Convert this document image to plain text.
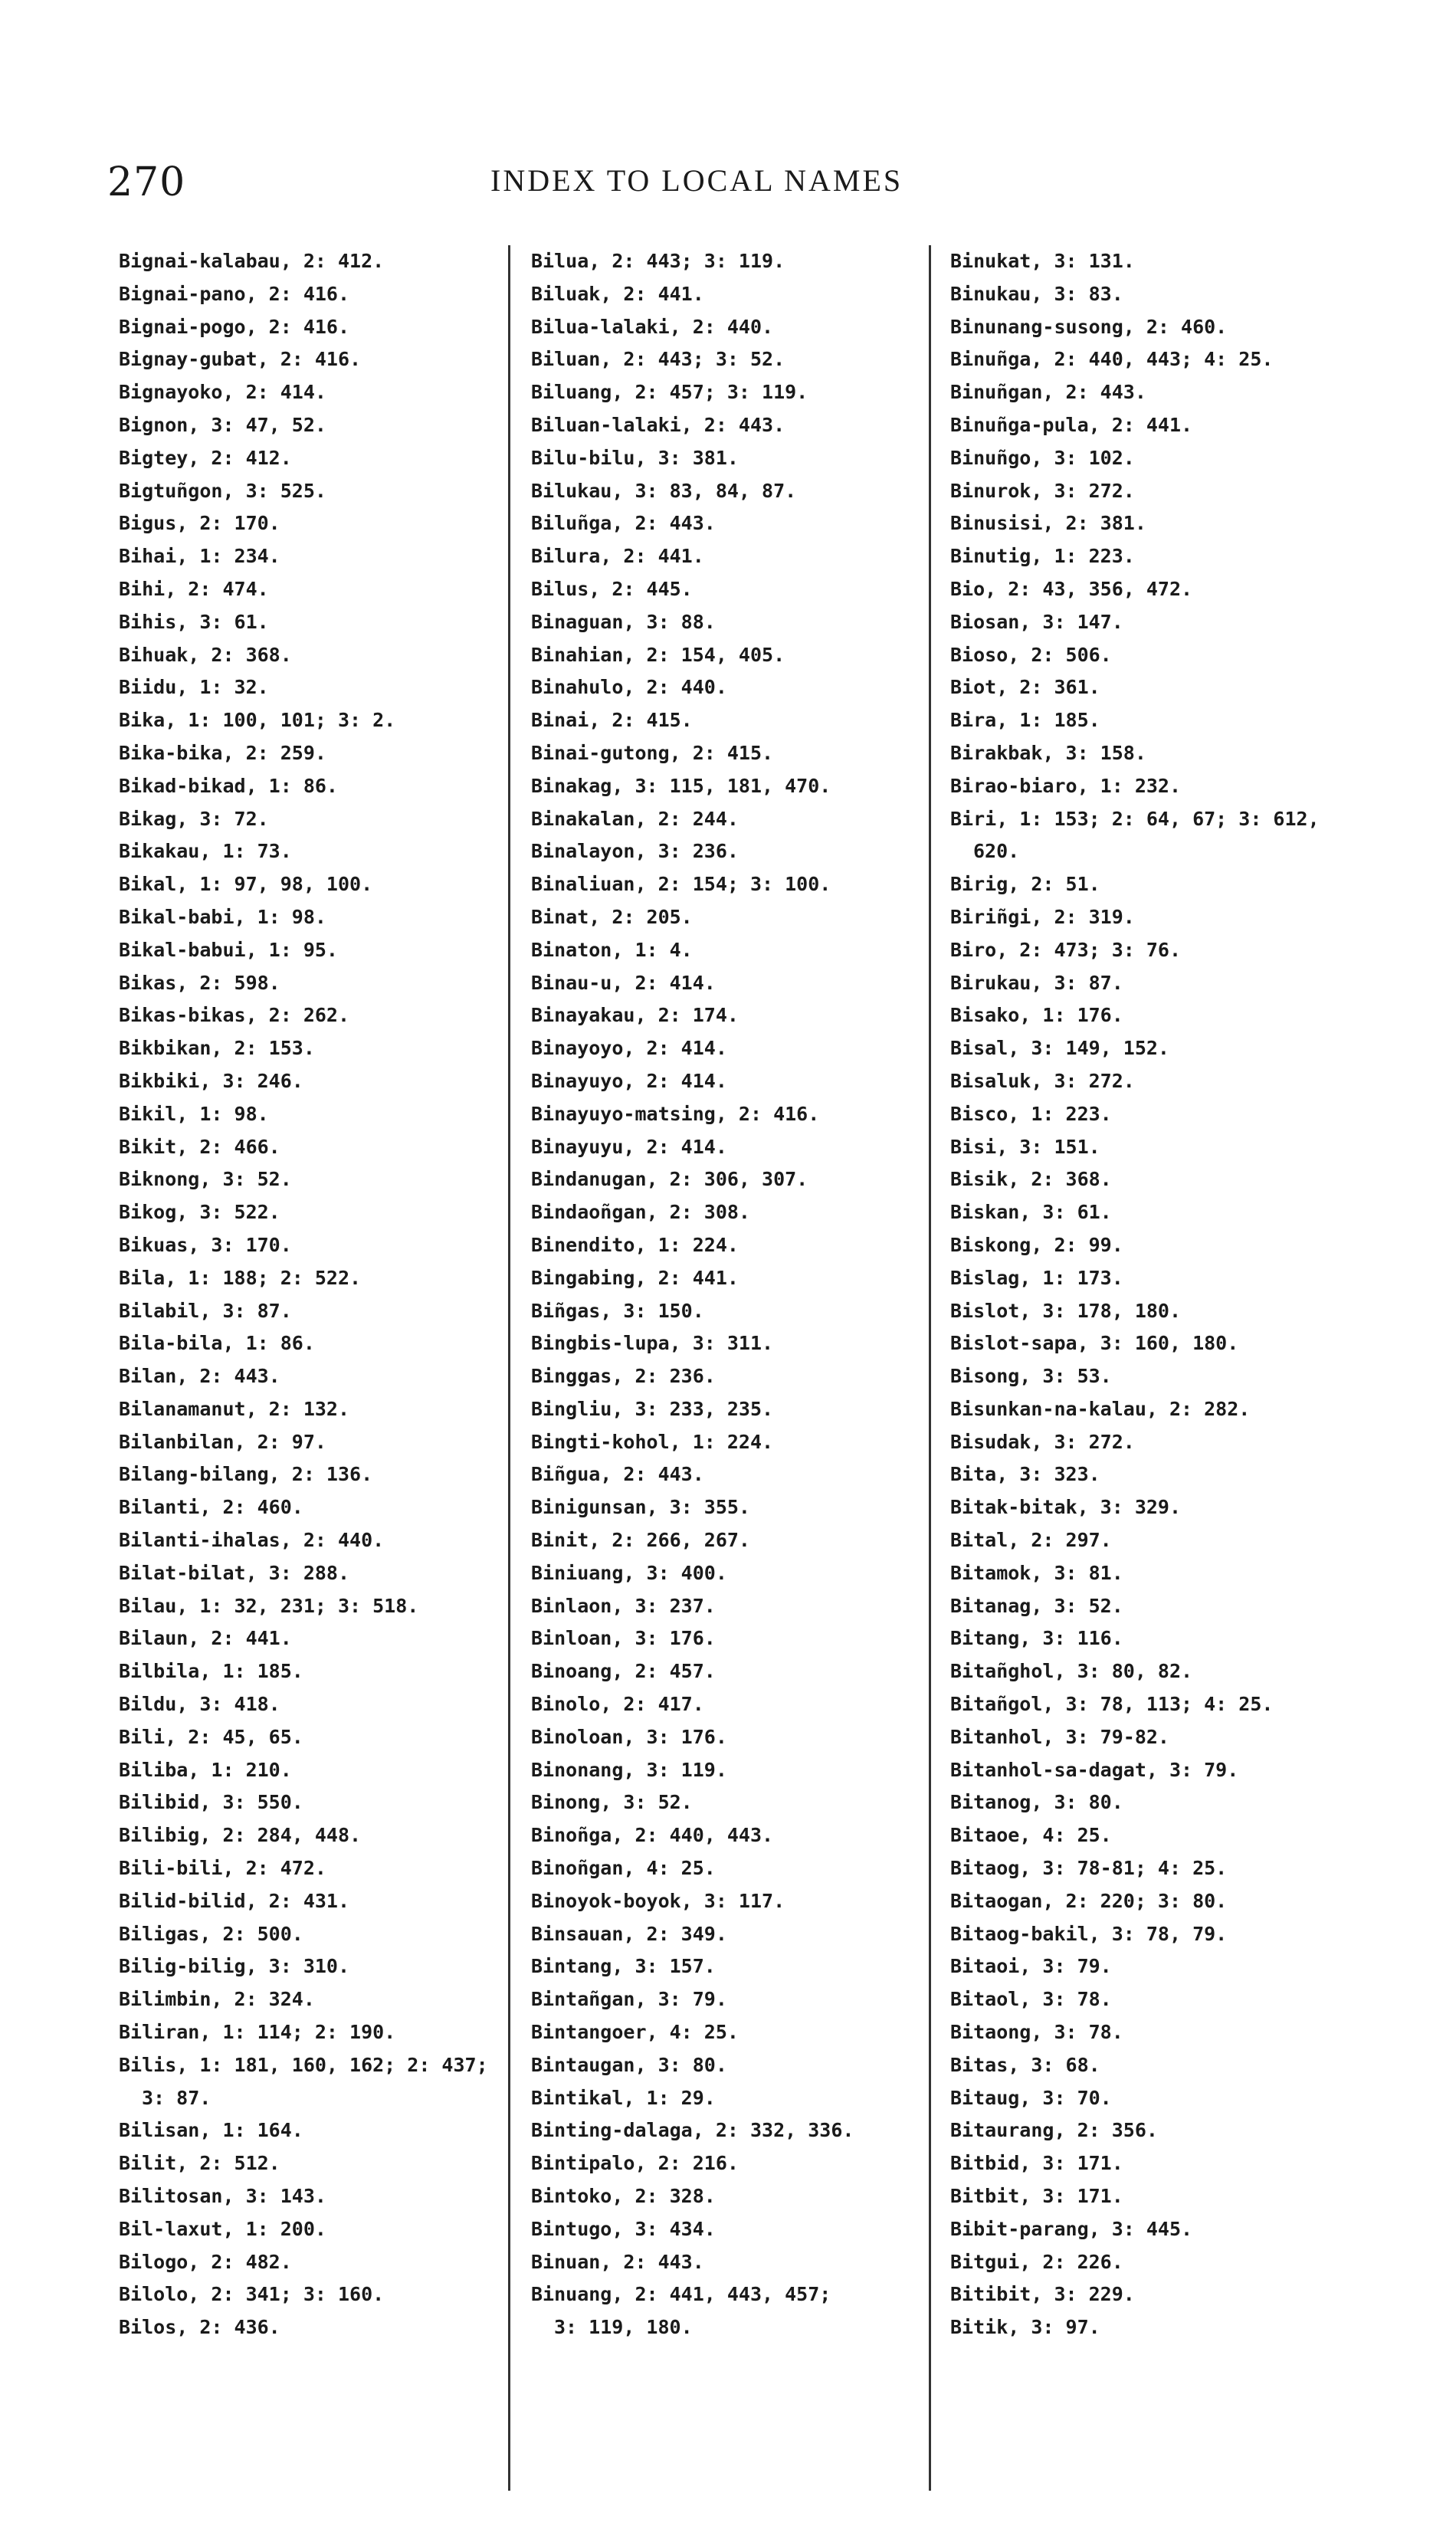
270	INDEX TO LOCAL NAMES
Bignai-kalabau, 2: 412.
Bignai-pano, 2: 416.
Bignai-pogo, 2: 416.
Bignay-gubat, 2: 416.
Bignayoko, 2: 414.
Bignon, 3: 47, 52.
Bigtey, 2: 412.
Bigtuñgon, 3: 525.
Bigus, 2: 170.
Bihai, 1: 234.
Bihi, 2: 474.
Bihis, 3: 61.
Bihuak, 2: 368.
Biidu, 1: 32.
Bika, 1: 100, 101; 3: 2.
Bika-bika, 2: 259.
Bikad-bikad, 1: 86.
Bikag, 3: 72.
Bikakau, 1: 73.
Bikal, 1: 97, 98, 100.
Bikal-babi, 1: 98.
Bikal-babui, 1: 95.
Bikas, 2: 598.
Bikas-bikas, 2: 262.
Bikbikan, 2: 153.
Bikbiki, 3: 246.
Bikil, 1: 98.
Bikit, 2: 466.
Biknong, 3: 52.
Bikog, 3: 522.
Bikuas, 3: 170.
Bila, 1: 188; 2: 522.
Bilabil, 3: 87.
Bila-bila, 1: 86.
Bilan, 2: 443.
Bilanamanut, 2: 132.
Bilanbilan, 2: 97.
Bilang-bilang, 2: 136.
Bilanti, 2: 460.
Bilanti-ihalas, 2: 440.
Bilat-bilat, 3: 288.
Bilau, 1: 32, 231; 3: 518.
Bilaun, 2: 441.
Bilbila, 1: 185.
Bildu, 3: 418.
Bili, 2: 45, 65.
Biliba, 1: 210.
Bilibid, 3: 550.
Bilibig, 2: 284, 448.
Bili-bili, 2: 472.
Bilid-bilid, 2: 431.
Biligas, 2: 500.
Bilig-bilig, 3: 310.
Bilimbin, 2: 324.
Biliran, 1: 114; 2: 190.
Bilis, 1: 181, 160, 162; 2: 437;
3: 87.
Bilisan, 1: 164.
Bilit, 2: 512.
Bilitosan, 3: 143.
Bil-laxut, 1: 200.
Bilogo, 2: 482.
Bilolo, 2: 341; 3: 160.
Bilos, 2: 436.
Bilua, 2: 443; 3: 119.
Biluak, 2: 441.
Bilua-lalaki, 2: 440.
Biluan, 2: 443; 3: 52.
Biluang, 2: 457; 3: 119.
Biluan-lalaki, 2: 443.
Bilu-bilu, 3: 381.
Bilukau, 3: 83, 84, 87.
Biluñga, 2: 443.
Bilura, 2: 441.
Bilus, 2: 445.
Binaguan, 3: 88.
Binahian, 2: 154, 405.
Binahulo, 2: 440.
Binai, 2: 415.
Binai-gutong, 2: 415.
Binakag, 3: 115, 181, 470.
Binakalan, 2: 244.
Binalayon, 3: 236.
Binaliuan, 2: 154; 3: 100.
Binat, 2: 205.
Binaton, 1: 4.
Binau-u, 2: 414.
Binayakau, 2: 174.
Binayoyo, 2: 414.
Binayuyo, 2: 414.
Binayuyo-matsing, 2: 416.
Binayuyu, 2: 414.
Bindanugan, 2: 306, 307.
Bindaoñgan, 2: 308.
Binendito, 1: 224.
Bingabing, 2: 441.
Biñgas, 3: 150.
Bingbis-lupa, 3: 311.
Binggas, 2: 236.
Bingliu, 3: 233, 235.
Bingti-kohol, 1: 224.
Biñgua, 2: 443.
Binigunsan, 3: 355.
Binit, 2: 266, 267.
Biniuang, 3: 400.
Binlaon, 3: 237.
Binloan, 3: 176.
Binoang, 2: 457.
Binolo, 2: 417.
Binoloan, 3: 176.
Binonang, 3: 119.
Binong, 3: 52.
Binoñga, 2: 440, 443.
Binoñgan, 4: 25.
Binoyok-boyok, 3: 117.
Binsauan, 2: 349.
Bintang, 3: 157.
Bintañgan, 3: 79.
Bintangoer, 4: 25.
Bintaugan, 3: 80.
Bintikal, 1: 29.
Binting-dalaga, 2: 332, 336.
Bintipalo, 2: 216.
Bintoko, 2: 328.
Bintugo, 3: 434.
Binuan, 2: 443.
Binuang, 2: 441, 443, 457;
3: 119, 180.
Binukat, 3: 131.
Binukau, 3: 83.
Binunang-susong, 2: 460.
Binuñga, 2: 440, 443; 4: 25.
Binuñgan, 2: 443.
Binuñga-pula, 2: 441.
Binuñgo, 3: 102.
Binurok, 3: 272.
Binusisi, 2: 381.
Binutig, 1: 223.
Bio, 2: 43, 356, 472.
Biosan, 3: 147.
Bioso, 2: 506.
Biot, 2: 361.
Bira, 1: 185.
Birakbak, 3: 158.
Birao-biaro, 1: 232.
Biri, 1: 153; 2: 64, 67; 3: 612,
620.
Birig, 2: 51.
Biriñgi, 2: 319.
Biro, 2: 473; 3: 76.
Birukau, 3: 87.
Bisako, 1: 176.
Bisal, 3: 149, 152.
Bisaluk, 3: 272.
Bisco, 1: 223.
Bisi, 3: 151.
Bisik, 2: 368.
Biskan, 3: 61.
Biskong, 2: 99.
Bislag, 1: 173.
Bislot, 3: 178, 180.
Bislot-sapa, 3: 160, 180.
Bisong, 3: 53.
Bisunkan-na-kalau, 2: 282.
Bisudak, 3: 272.
Bita, 3: 323.
Bitak-bitak, 3: 329.
Bital, 2: 297.
Bitamok, 3: 81.
Bitanag, 3: 52.
Bitang, 3: 116.
Bitañghol, 3: 80, 82.
Bitañgol, 3: 78, 113; 4: 25.
Bitanhol, 3: 79-82.
Bitanhol-sa-dagat, 3: 79.
Bitanog, 3: 80.
Bitaoe, 4: 25.
Bitaog, 3: 78-81; 4: 25.
Bitaogan, 2: 220; 3: 80.
Bitaog-bakil, 3: 78, 79.
Bitaoi, 3: 79.
Bitaol, 3: 78.
Bitaong, 3: 78.
Bitas, 3: 68.
Bitaug, 3: 70.
Bitaurang, 2: 356.
Bitbid, 3: 171.
Bitbit, 3: 171.
Bibit-parang, 3: 445.
Bitgui, 2: 226.
Bitibit, 3: 229.
Bitik, 3: 97.
